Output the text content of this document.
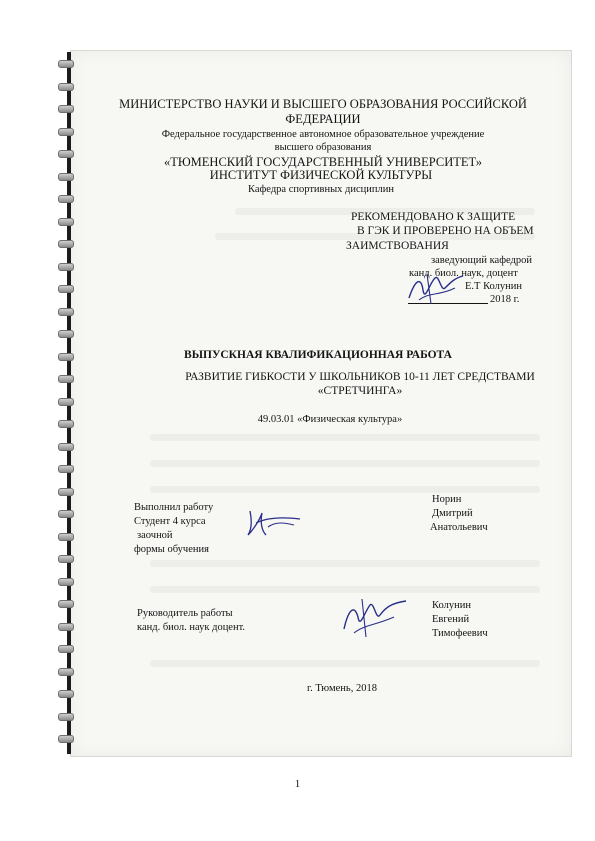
МИНИСТЕРСТВО НАУКИ И ВЫСШЕГО ОБРАЗОВАНИЯ РОССИЙСКОЙ
ФЕДЕРАЦИИ
Федеральное государственное автономное образовательное учреждение
высшего образования
«ТЮМЕНСКИЙ ГОСУДАРСТВЕННЫЙ УНИВЕРСИТЕТ»
ИНСТИТУТ ФИЗИЧЕСКОЙ КУЛЬТУРЫ
Кафедра спортивных дисциплин
РЕКОМЕНДОВАНО К ЗАЩИТЕ
В ГЭК И ПРОВЕРЕНО НА ОБЪЕМ
ЗАИМСТВОВАНИЯ
заведующий кафедрой
канд. биол. наук, доцент
Е.Т Колунин
2018 г.
ВЫПУСКНАЯ КВАЛИФИКАЦИОННАЯ РАБОТА
РАЗВИТИЕ ГИБКОСТИ У ШКОЛЬНИКОВ 10-11 ЛЕТ СРЕДСТВАМИ
«СТРЕТЧИНГА»
49.03.01 «Физическая культура»
Выполнил работу
Студент 4 курса
заочной
формы обучения
Норин
Дмитрий
Анатольевич
Руководитель работы
канд. биол. наук доцент.
Колунин
Евгений
Тимофеевич
г. Тюмень, 2018
1
